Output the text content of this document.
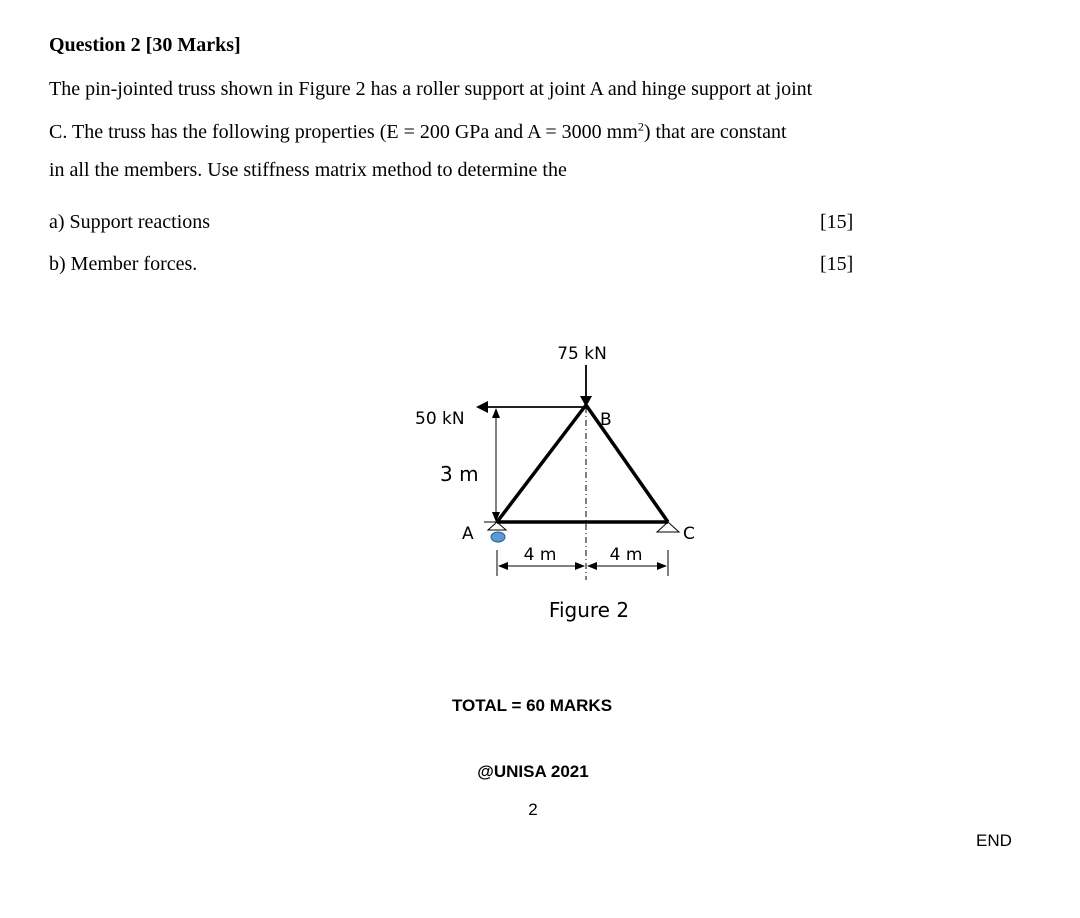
Question 2 [30 Marks]
The pin-jointed truss shown in Figure 2 has a roller support at joint A and hinge support at joint
C. The truss has the following properties (E = 200 GPa and A = 3000 $mm^2$) that are constant
in all the members. Use stiffness matrix method to determine the
a) Support reactions	[15]
b) Member forces.	[15]
75 kN
50 kN
3 m
B
A	C
4 m	4 m
Figure 2
TOTAL = 60 MARKS
@UNISA 2021
2
END
